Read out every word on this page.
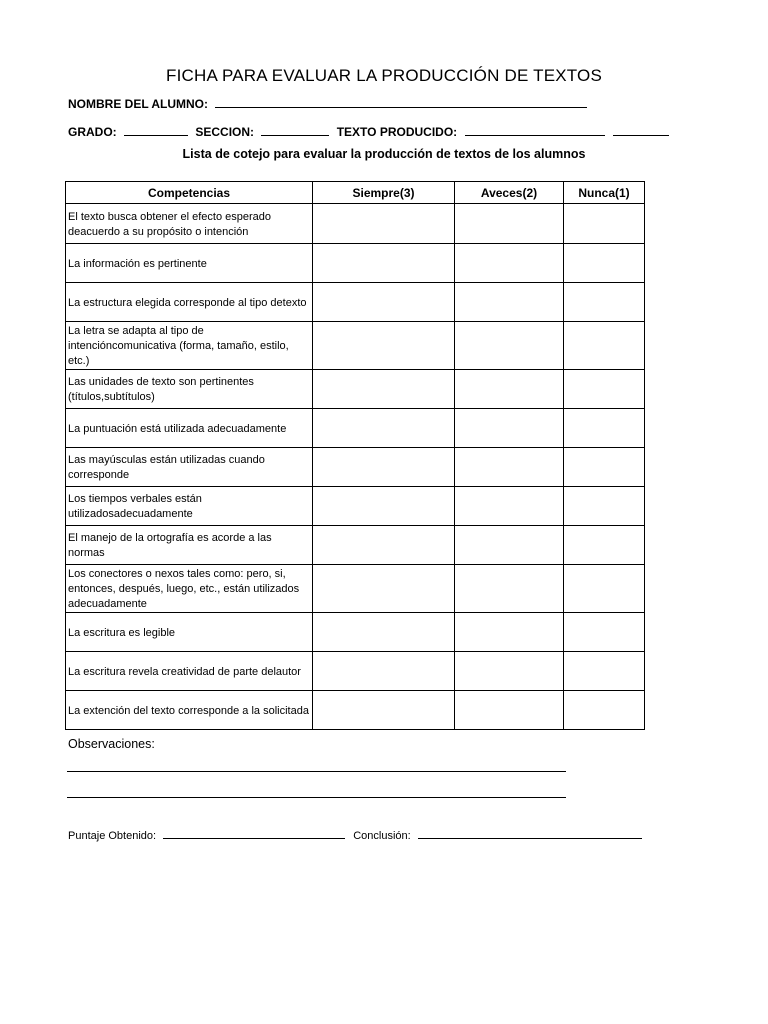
FICHA PARA EVALUAR LA PRODUCCIÓN DE TEXTOS
NOMBRE DEL ALUMNO:
GRADO:	SECCION:	TEXTO PRODUCIDO:
Lista de cotejo para evaluar la producción de textos de los alumnos
Competencias	Siempre(3)	Aveces(2)	Nunca(1)
El texto busca obtener el efecto esperado deacuerdo a su propósito o intención			
La información es pertinente			
La estructura elegida corresponde al tipo detexto			
La letra se adapta al tipo de intencióncomunicativa (forma, tamaño, estilo, etc.)			
Las unidades de texto son pertinentes (títulos,subtítulos)			
La puntuación está utilizada adecuadamente			
Las mayúsculas están utilizadas cuando corresponde			
Los tiempos verbales están utilizadosadecuadamente			
El manejo de la ortografía es acorde a las normas			
Los conectores o nexos tales como: pero, si, entonces, después, luego, etc., están utilizados adecuadamente			
La escritura es legible			
La escritura revela creatividad de parte delautor			
La extención del texto corresponde a la solicitada			
Observaciones:
Puntaje Obtenido:	Conclusión:
